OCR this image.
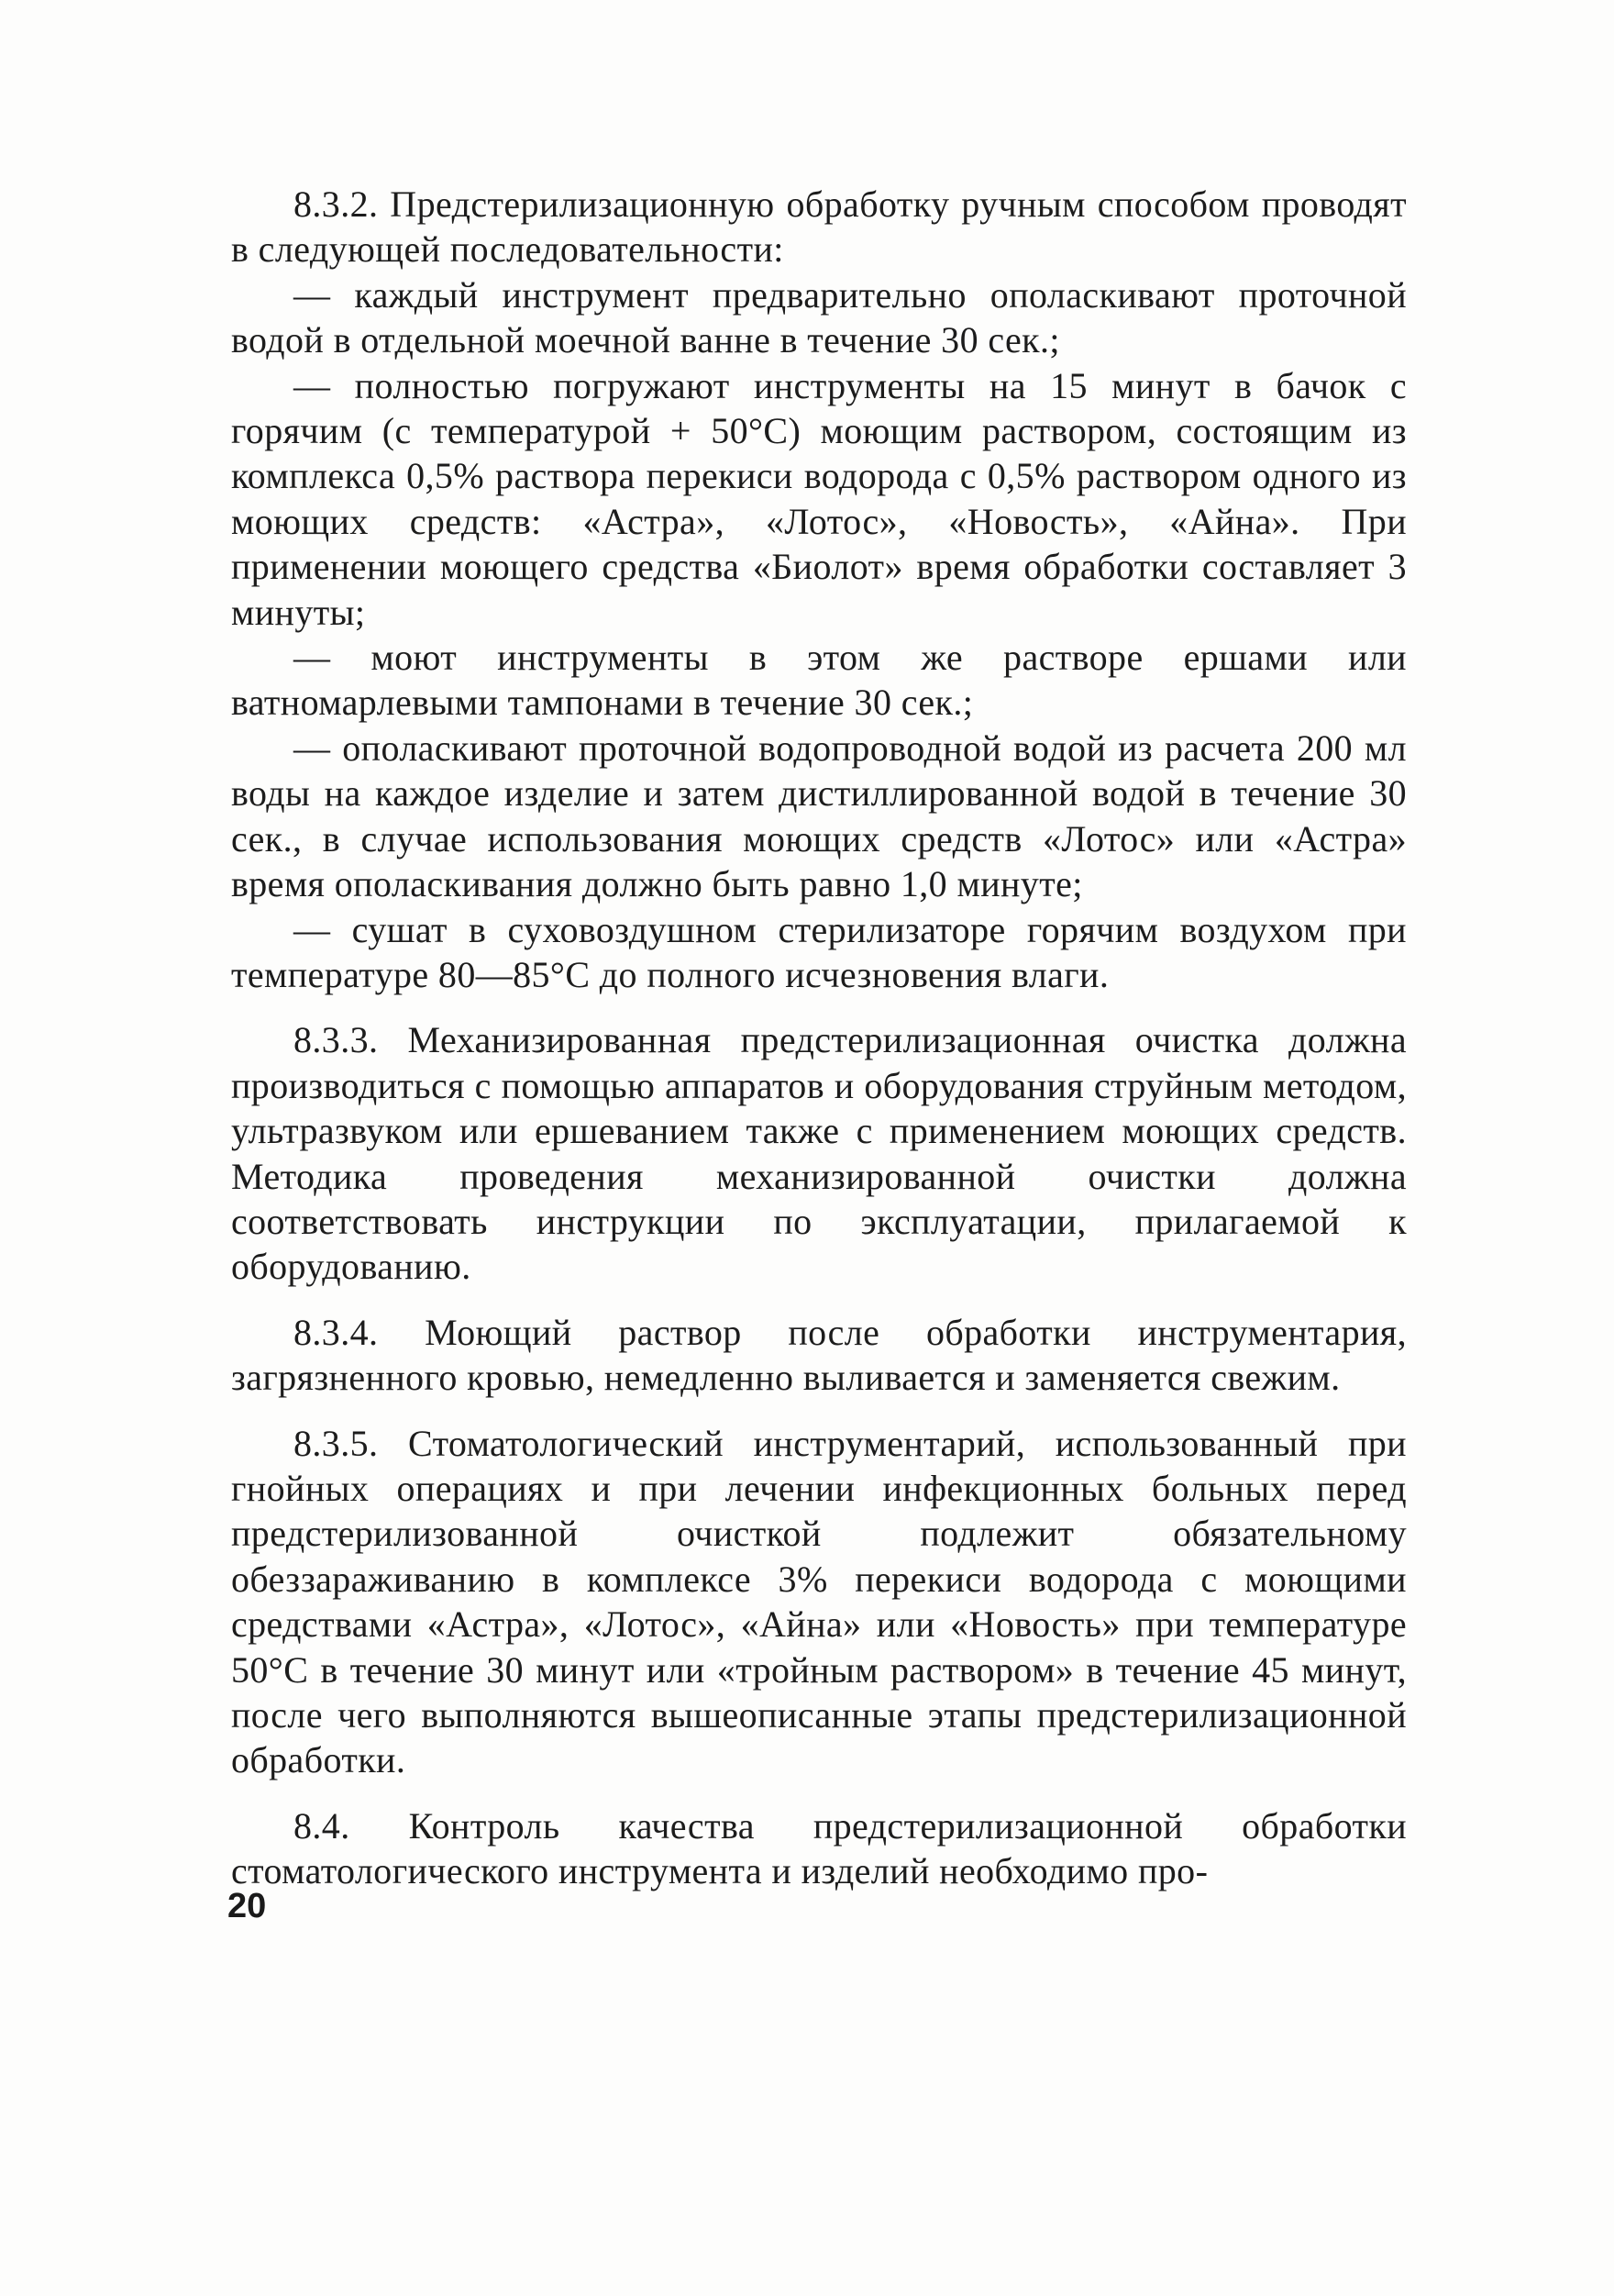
8.3.2. Предстерилизационную обработку ручным способом проводят в следующей последовательности:

— каждый инструмент предварительно ополаскивают проточной водой в отдельной моечной ванне в течение 30 сек.;

— полностью погружают инструменты на 15 минут в бачок с горячим (с температурой + 50°С) моющим раствором, состоящим из комплекса 0,5% раствора перекиси водорода с 0,5% раствором одного из моющих средств: «Астра», «Лотос», «Новость», «Айна». При применении моющего средства «Биолот» время обработки составляет 3 минуты;

— моют инструменты в этом же растворе ершами или ватномарлевыми тампонами в течение 30 сек.;

— ополаскивают проточной водопроводной водой из расчета 200 мл воды на каждое изделие и затем дистиллированной водой в течение 30 сек., в случае использования моющих средств «Лотос» или «Астра» время ополаскивания должно быть равно 1,0 минуте;

— сушат в суховоздушном стерилизаторе горячим воздухом при температуре 80—85°С до полного исчезновения влаги.

8.3.3. Механизированная предстерилизационная очистка должна производиться с помощью аппаратов и оборудования струйным методом, ультразвуком или ершеванием также с применением моющих средств. Методика проведения механизированной очистки должна соответствовать инструкции по эксплуатации, прилагаемой к оборудованию.

8.3.4. Моющий раствор после обработки инструментария, загрязненного кровью, немедленно выливается и заменяется свежим.

8.3.5. Стоматологический инструментарий, использованный при гнойных операциях и при лечении инфекционных больных перед предстерилизованной очисткой подлежит обязательному обеззараживанию в комплексе 3% перекиси водорода с моющими средствами «Астра», «Лотос», «Айна» или «Новость» при температуре 50°С в течение 30 минут или «тройным раствором» в течение 45 минут, после чего выполняются вышеописанные этапы предстерилизационной обработки.

8.4. Контроль качества предстерилизационной обработки стоматологического инструмента и изделий необходимо про-

20
